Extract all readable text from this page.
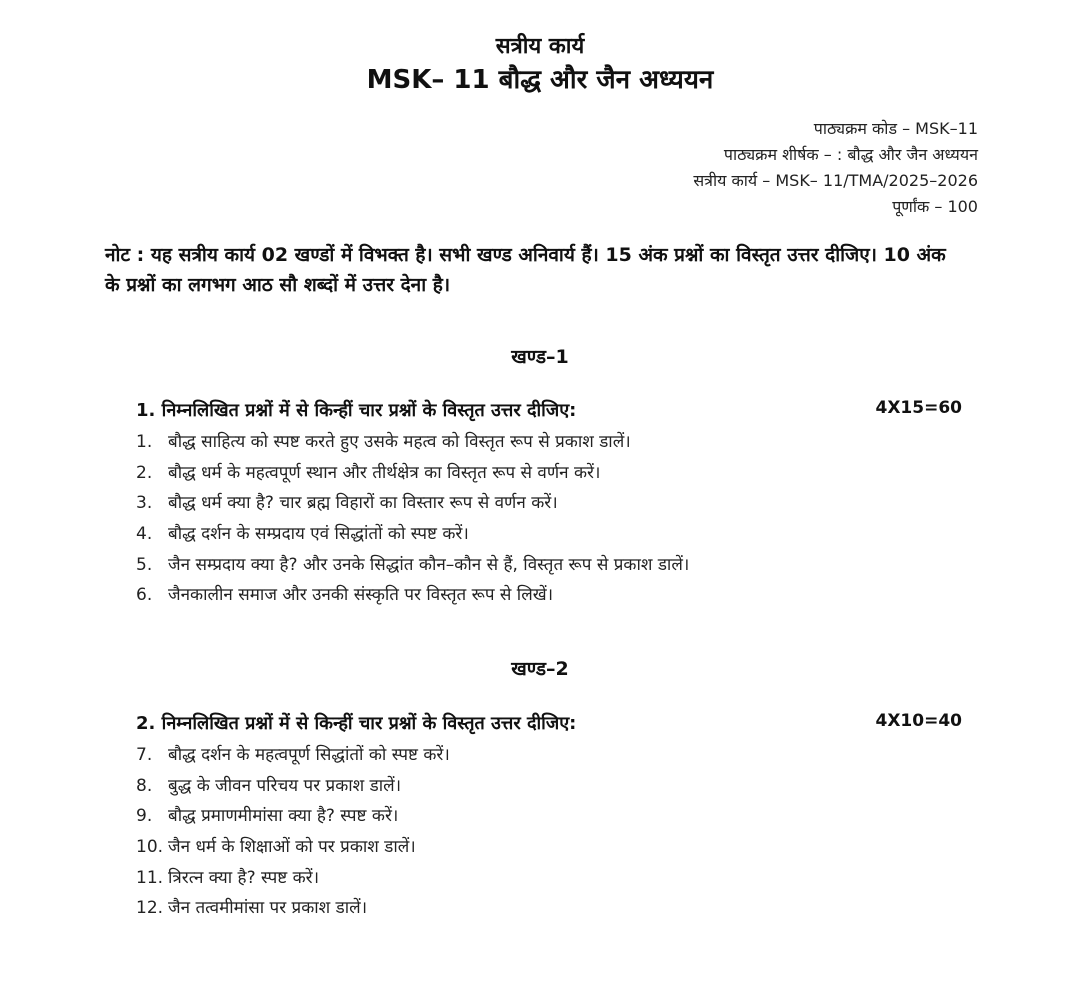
सत्रीय कार्य
MSK– 11 बौद्ध और जैन अध्ययन
पाठ्यक्रम कोड – MSK–11
पाठ्यक्रम शीर्षक – : बौद्ध और जैन अध्ययन
सत्रीय कार्य – MSK– 11/TMA/2025–2026
पूर्णांक – 100
नोट : यह सत्रीय कार्य 02 खण्डों में विभक्त है। सभी खण्ड अनिवार्य हैं। 15 अंक प्रश्नों का विस्तृत उत्तर दीजिए। 10 अंक के प्रश्नों का लगभग आठ सौ शब्दों में उत्तर देना है।
खण्ड–1
1. निम्नलिखित प्रश्नों में से किन्हीं चार प्रश्नों के विस्तृत उत्तर दीजिए:	4X15=60
1. बौद्ध साहित्य को स्पष्ट करते हुए उसके महत्व को विस्तृत रूप से प्रकाश डालें।
2. बौद्ध धर्म के महत्वपूर्ण स्थान और तीर्थक्षेत्र का विस्तृत रूप से वर्णन करें।
3. बौद्ध धर्म क्या है? चार ब्रह्म विहारों का विस्तार रूप से वर्णन करें।
4. बौद्ध दर्शन के सम्प्रदाय एवं सिद्धांतों को स्पष्ट करें।
5. जैन सम्प्रदाय क्या है? और उनके सिद्धांत कौन–कौन से हैं, विस्तृत रूप से प्रकाश डालें।
6. जैनकालीन समाज और उनकी संस्कृति पर विस्तृत रूप से लिखें।
खण्ड–2
2. निम्नलिखित प्रश्नों में से किन्हीं चार प्रश्नों के विस्तृत उत्तर दीजिए:	4X10=40
7. बौद्ध दर्शन के महत्वपूर्ण सिद्धांतों को स्पष्ट करें।
8. बुद्ध के जीवन परिचय पर प्रकाश डालें।
9. बौद्ध प्रमाणमीमांसा क्या है? स्पष्ट करें।
10. जैन धर्म के शिक्षाओं को पर प्रकाश डालें।
11. त्रिरत्न क्या है? स्पष्ट करें।
12. जैन तत्वमीमांसा पर प्रकाश डालें।
